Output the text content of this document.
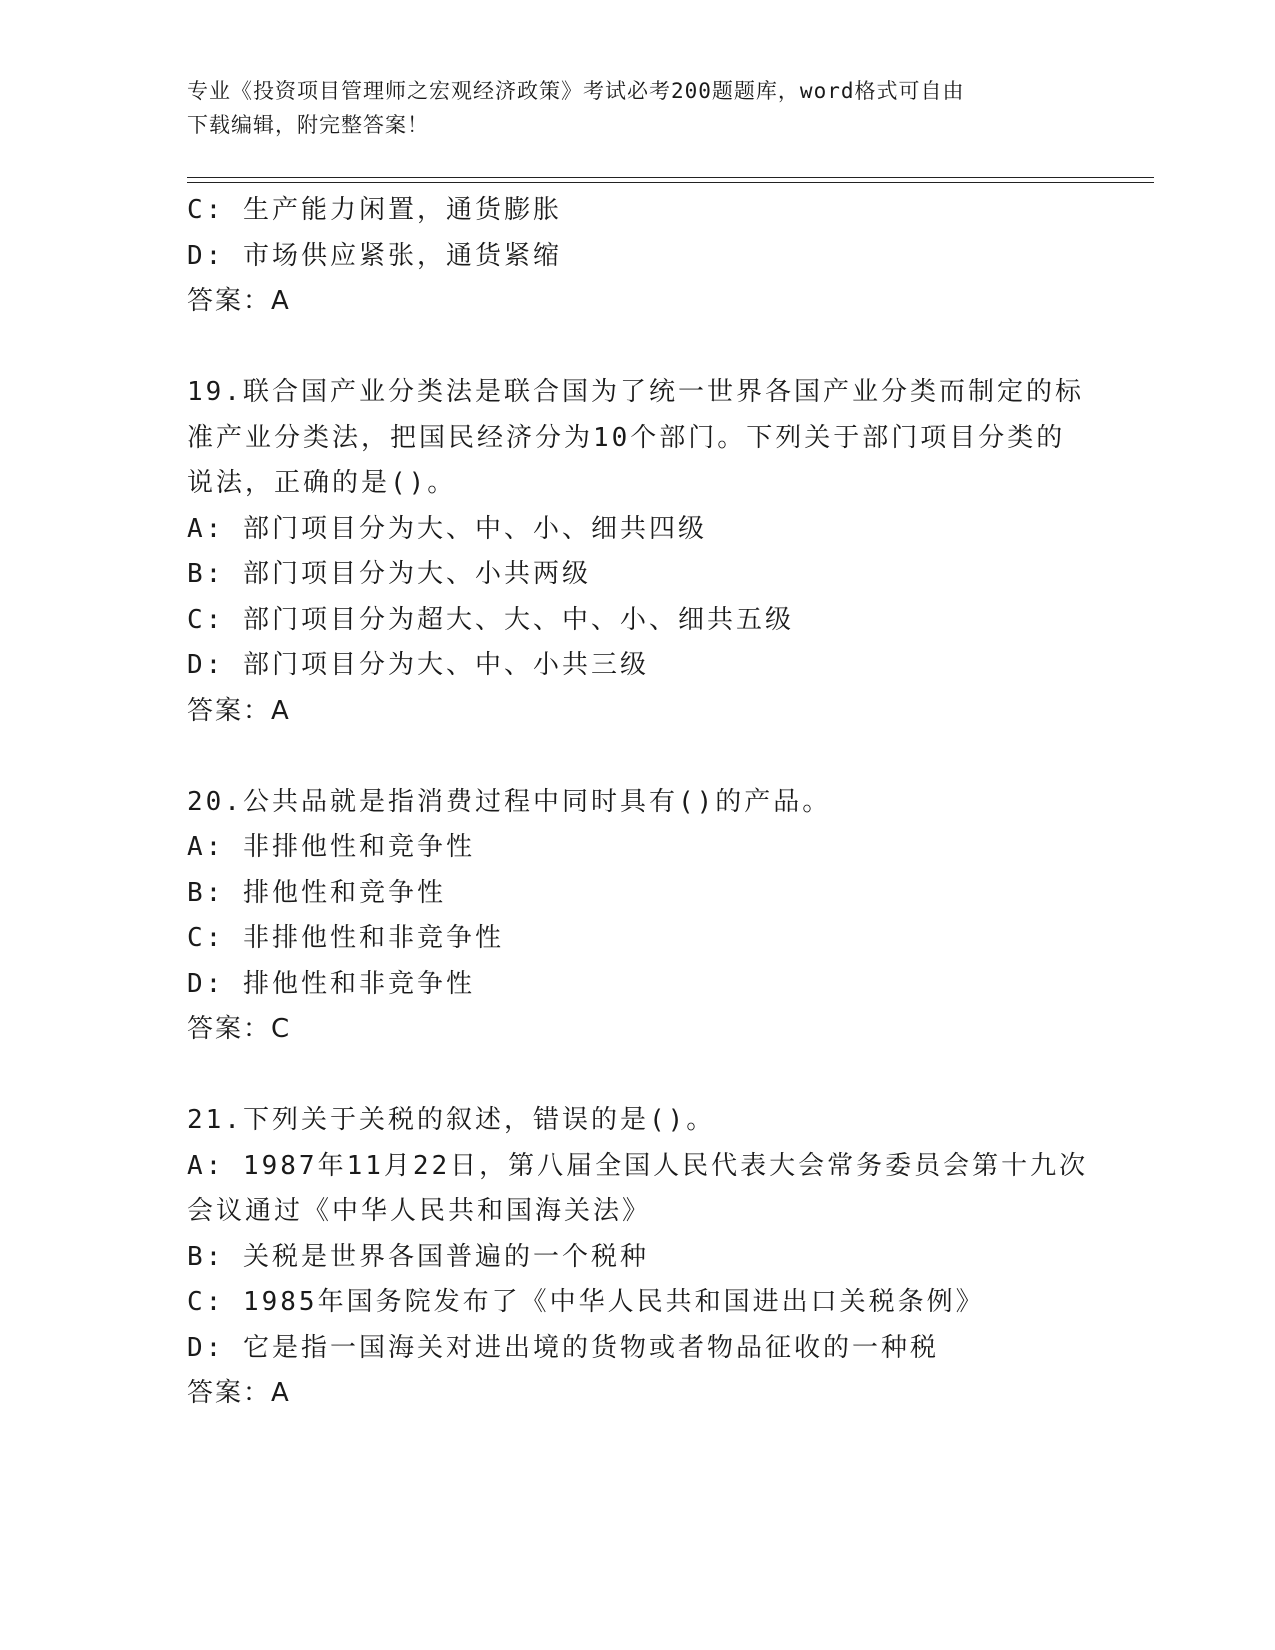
专业《投资项目管理师之宏观经济政策》考试必考200题题库，word格式可自由
下载编辑，附完整答案！
C: 生产能力闲置，通货膨胀
D: 市场供应紧张，通货紧缩
答案：A
19.联合国产业分类法是联合国为了统一世界各国产业分类而制定的标
准产业分类法，把国民经济分为10个部门。下列关于部门项目分类的
说法，正确的是()。
A: 部门项目分为大、中、小、细共四级
B: 部门项目分为大、小共两级
C: 部门项目分为超大、大、中、小、细共五级
D: 部门项目分为大、中、小共三级
答案：A
20.公共品就是指消费过程中同时具有()的产品。
A: 非排他性和竞争性
B: 排他性和竞争性
C: 非排他性和非竞争性
D: 排他性和非竞争性
答案：C
21.下列关于关税的叙述，错误的是()。
A: 1987年11月22日，第八届全国人民代表大会常务委员会第十九次
会议通过《中华人民共和国海关法》
B: 关税是世界各国普遍的一个税种
C: 1985年国务院发布了《中华人民共和国进出口关税条例》
D: 它是指一国海关对进出境的货物或者物品征收的一种税
答案：A
